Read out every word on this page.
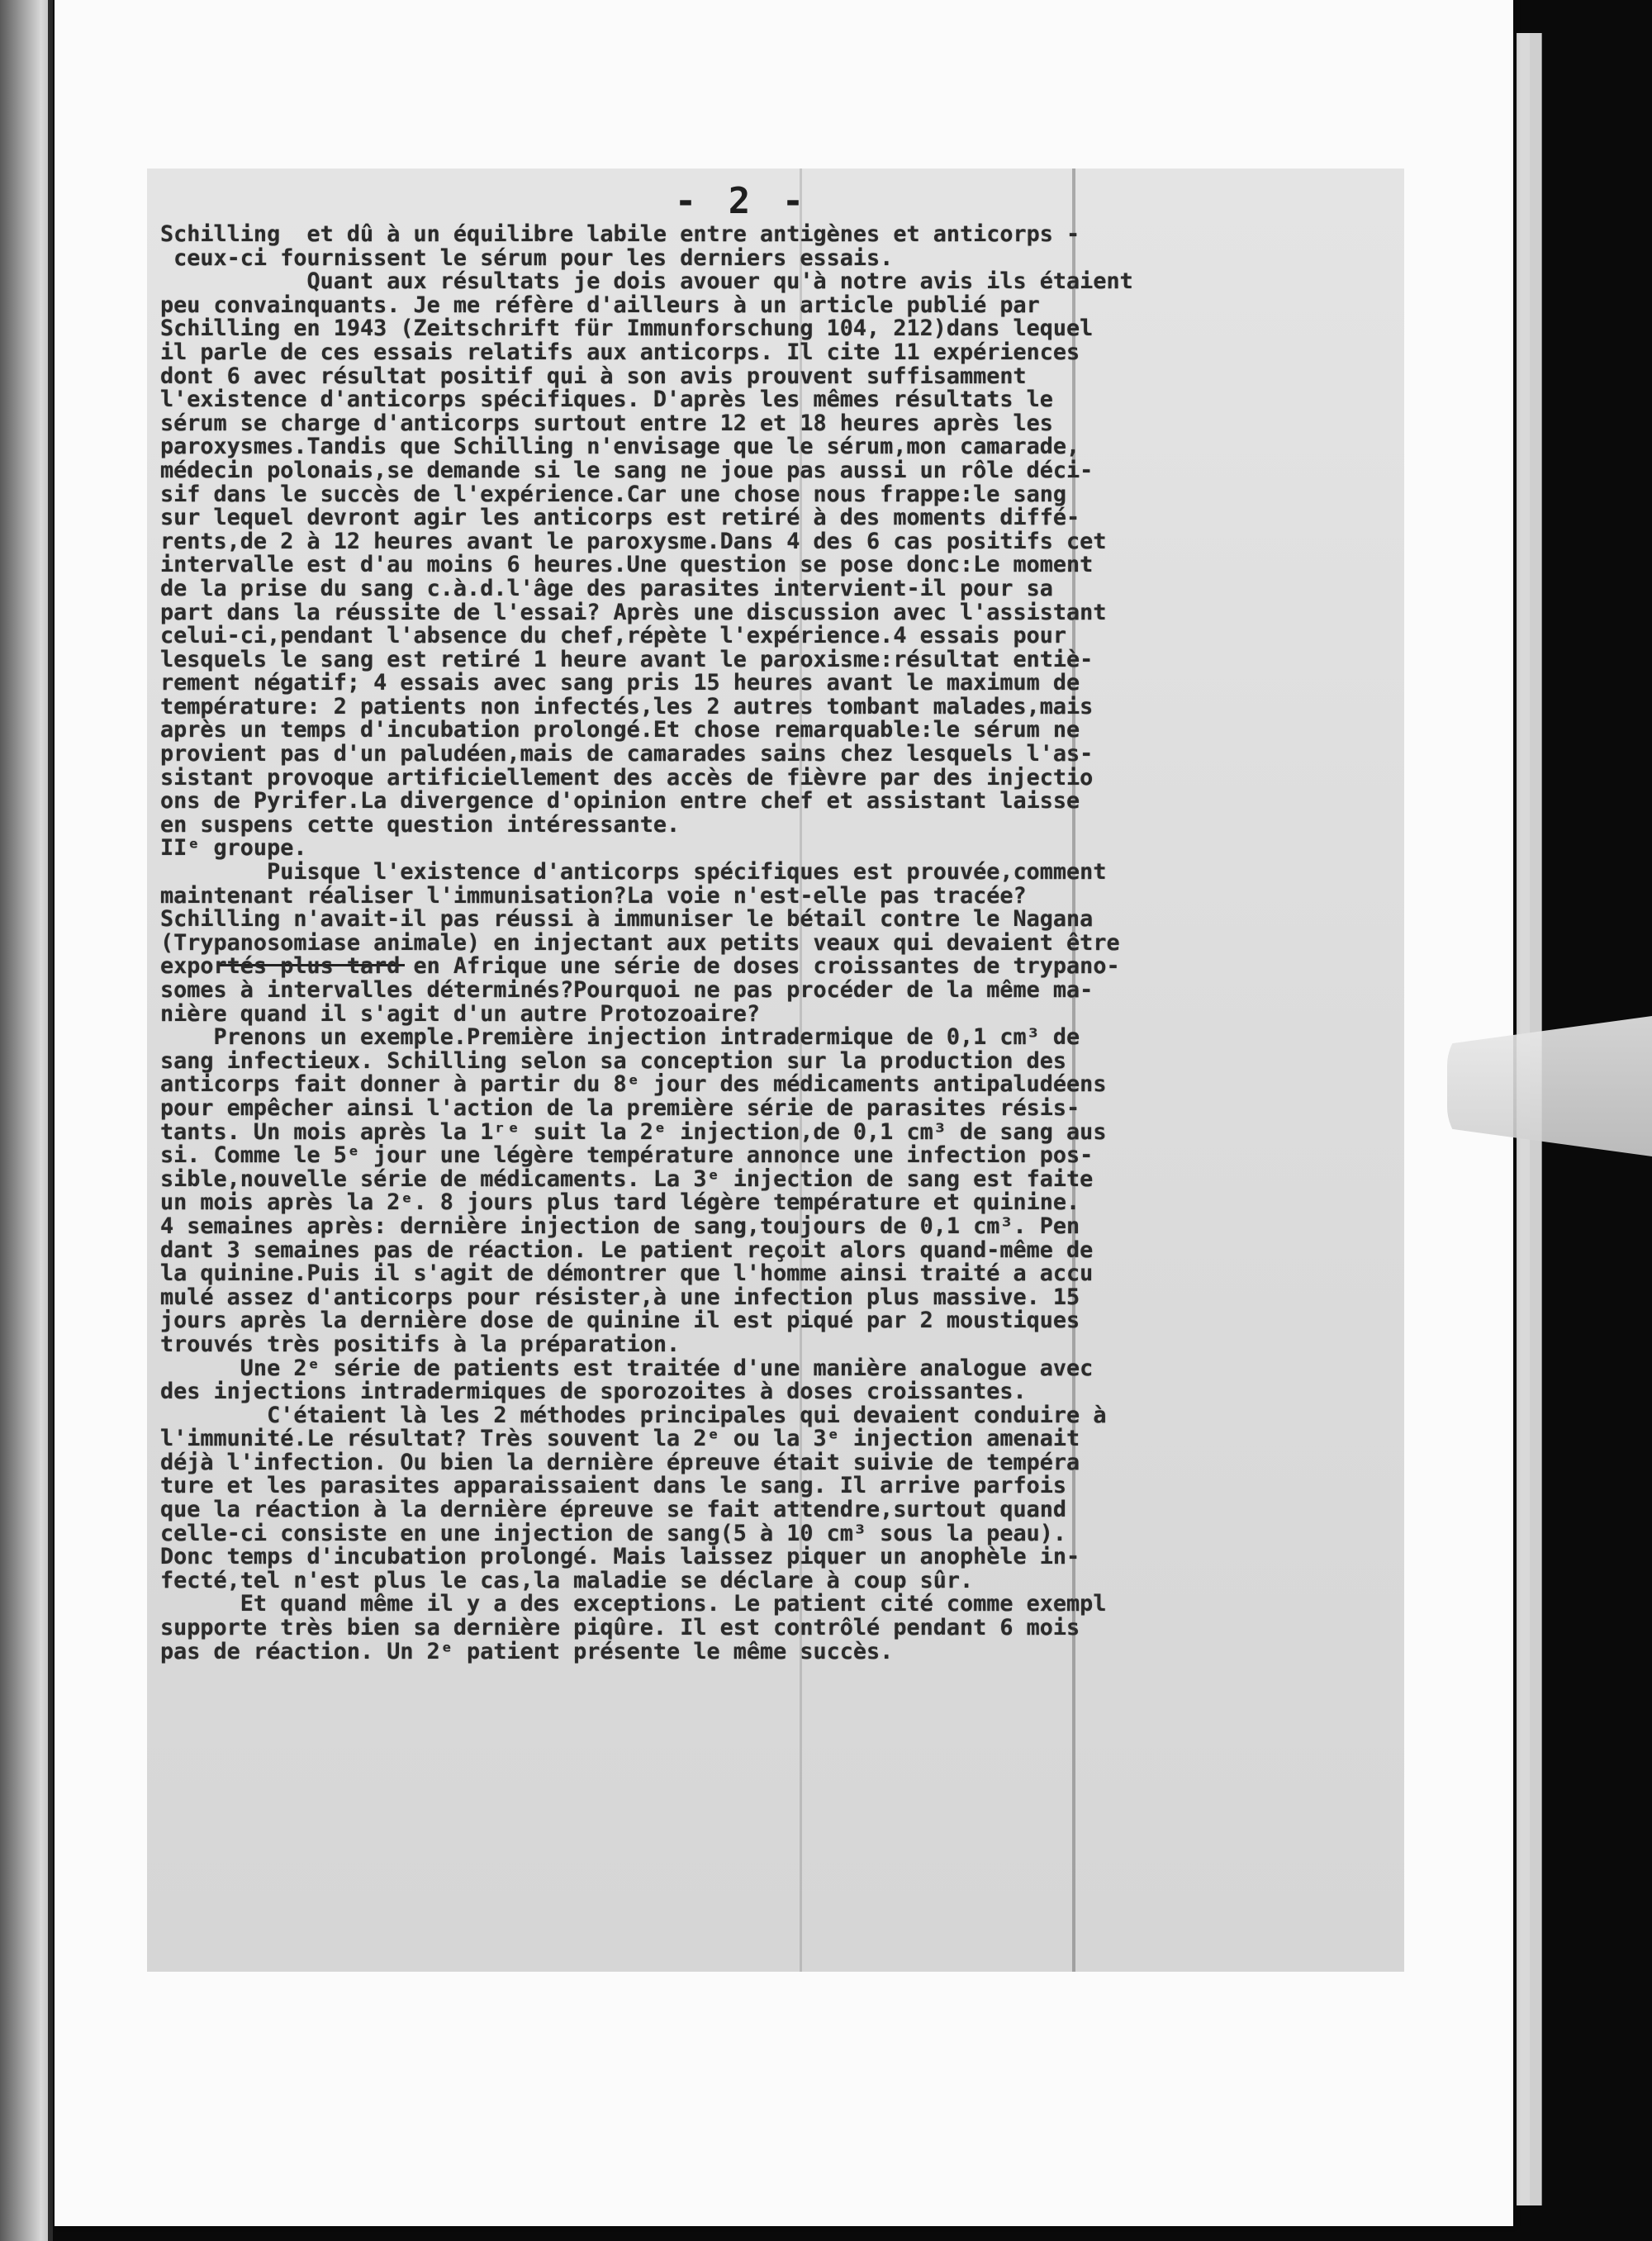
- 2 -
Schilling  et dû à un équilibre labile entre antigènes et anticorps -
ceux-ci fournissent le sérum pour les derniers essais.
Quant aux résultats je dois avouer qu'à notre avis ils étaient
peu convainquants. Je me réfère d'ailleurs à un article publié par
Schilling en 1943 (Zeitschrift für Immunforschung 104, 212)dans lequel
il parle de ces essais relatifs aux anticorps. Il cite 11 expériences
dont 6 avec résultat positif qui à son avis prouvent suffisamment
l'existence d'anticorps spécifiques. D'après les mêmes résultats le
sérum se charge d'anticorps surtout entre 12 et 18 heures après les
paroxysmes.Tandis que Schilling n'envisage que le sérum,mon camarade,
médecin polonais,se demande si le sang ne joue pas aussi un rôle déci-
sif dans le succès de l'expérience.Car une chose nous frappe:le sang
sur lequel devront agir les anticorps est retiré à des moments diffé-
rents,de 2 à 12 heures avant le paroxysme.Dans 4 des 6 cas positifs cet
intervalle est d'au moins 6 heures.Une question se pose donc:Le moment
de la prise du sang c.à.d.l'âge des parasites intervient-il pour sa
part dans la réussite de l'essai? Après une discussion avec l'assistant
celui-ci,pendant l'absence du chef,répète l'expérience.4 essais pour
lesquels le sang est retiré 1 heure avant le paroxisme:résultat entiè-
rement négatif; 4 essais avec sang pris 15 heures avant le maximum de
température: 2 patients non infectés,les 2 autres tombant malades,mais
après un temps d'incubation prolongé.Et chose remarquable:le sérum ne
provient pas d'un paludéen,mais de camarades sains chez lesquels l'as-
sistant provoque artificiellement des accès de fièvre par des injectio
ons de Pyrifer.La divergence d'opinion entre chef et assistant laisse
en suspens cette question intéressante.
IIᵉ groupe.
Puisque l'existence d'anticorps spécifiques est prouvée,comment
maintenant réaliser l'immunisation?La voie n'est-elle pas tracée?
Schilling n'avait-il pas réussi à immuniser le bétail contre le Nagana
(Trypanosomiase animale) en injectant aux petits veaux qui devaient être
exportés plus tard en Afrique une série de doses croissantes de trypano-
somes à intervalles déterminés?Pourquoi ne pas procéder de la même ma-
nière quand il s'agit d'un autre Protozoaire?
Prenons un exemple.Première injection intradermique de 0,1 cm³ de
sang infectieux. Schilling selon sa conception sur la production des
anticorps fait donner à partir du 8ᵉ jour des médicaments antipaludéens
pour empêcher ainsi l'action de la première série de parasites résis-
tants. Un mois après la 1ʳᵉ suit la 2ᵉ injection,de 0,1 cm³ de sang aus
si. Comme le 5ᵉ jour une légère température annonce une infection pos-
sible,nouvelle série de médicaments. La 3ᵉ injection de sang est faite
un mois après la 2ᵉ. 8 jours plus tard légère température et quinine.
4 semaines après: dernière injection de sang,toujours de 0,1 cm³. Pen
dant 3 semaines pas de réaction. Le patient reçoit alors quand-même de
la quinine.Puis il s'agit de démontrer que l'homme ainsi traité a accu
mulé assez d'anticorps pour résister,à une infection plus massive. 15
jours après la dernière dose de quinine il est piqué par 2 moustiques
trouvés très positifs à la préparation.
Une 2ᵉ série de patients est traitée d'une manière analogue avec
des injections intradermiques de sporozoites à doses croissantes.
C'étaient là les 2 méthodes principales qui devaient conduire à
l'immunité.Le résultat? Très souvent la 2ᵉ ou la 3ᵉ injection amenait
déjà l'infection. Ou bien la dernière épreuve était suivie de tempéra
ture et les parasites apparaissaient dans le sang. Il arrive parfois
que la réaction à la dernière épreuve se fait attendre,surtout quand
celle-ci consiste en une injection de sang(5 à 10 cm³ sous la peau).
Donc temps d'incubation prolongé. Mais laissez piquer un anophèle in-
fecté,tel n'est plus le cas,la maladie se déclare à coup sûr.
Et quand même il y a des exceptions. Le patient cité comme exempl
supporte très bien sa dernière piqûre. Il est contrôlé pendant 6 mois
pas de réaction. Un 2ᵉ patient présente le même succès.
